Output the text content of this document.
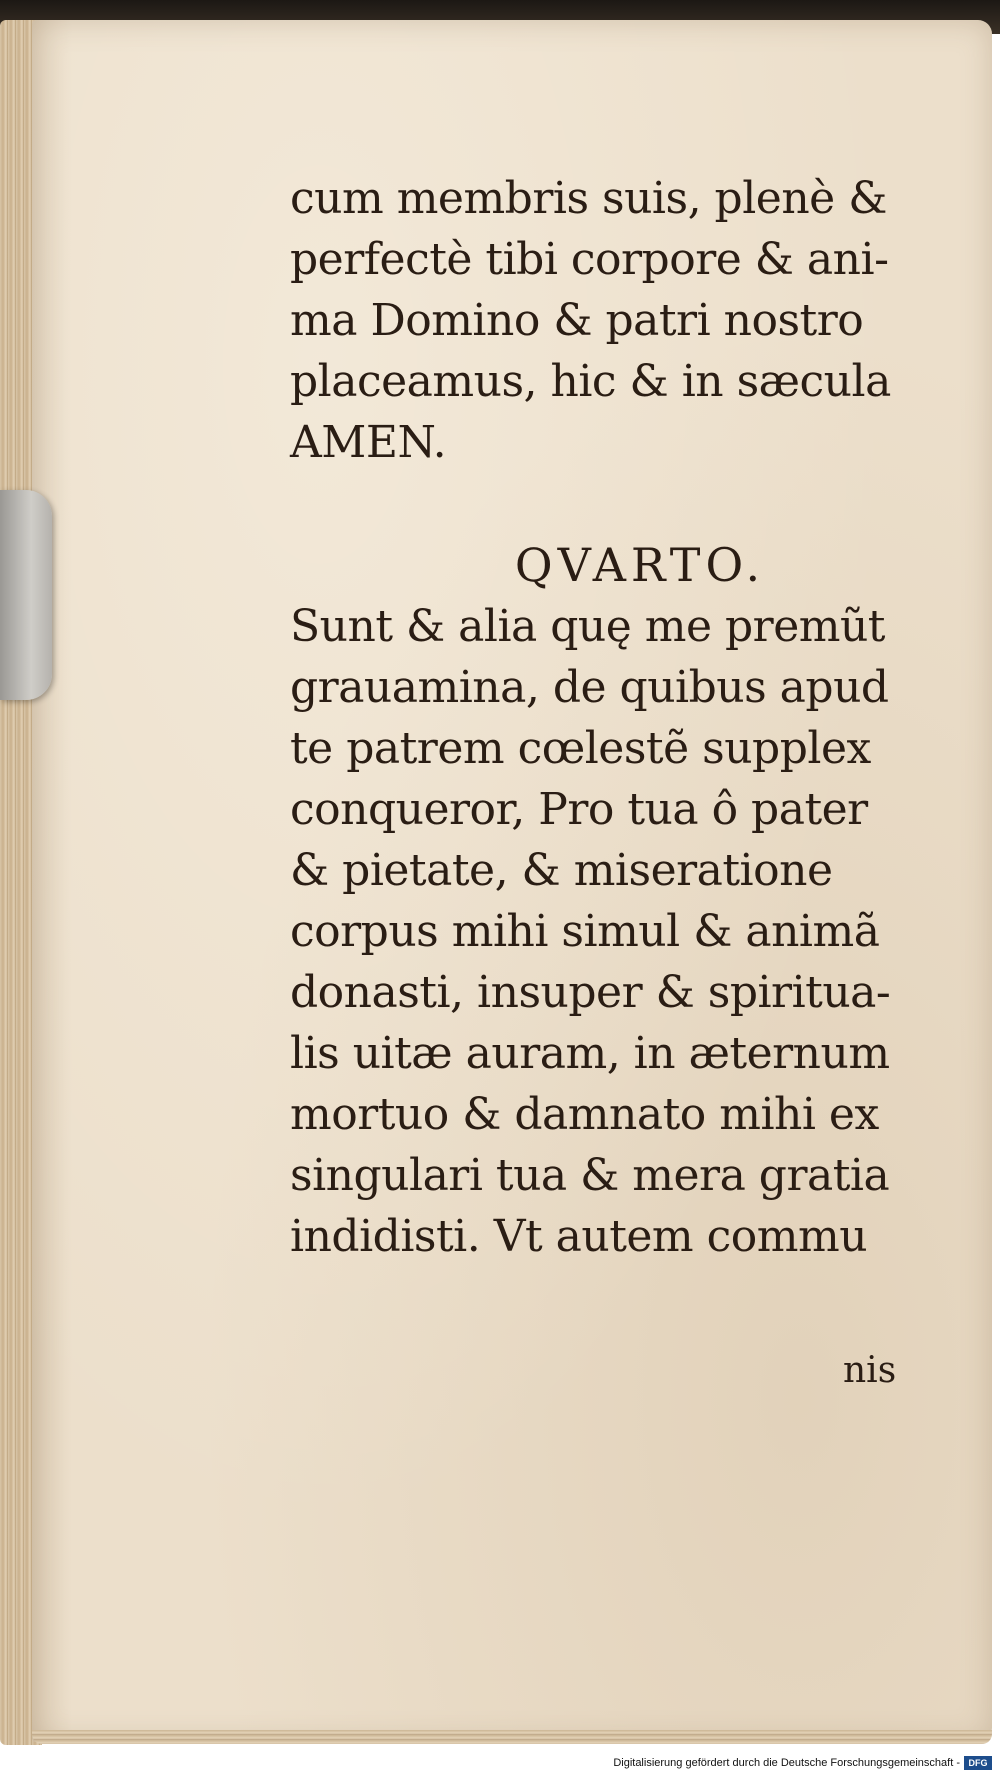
cum membris suis, plenè &
perfectè tibi corpore & ani-
ma Domino & patri nostro
placeamus, hic & in sæcula
AMEN.
QVARTO.
Sunt & alia quę me premũt
grauamina, de quibus apud
te patrem cœlestẽ supplex
conqueror, Pro tua ô pater
& pietate, & miseratione
corpus mihi simul & animã
donasti, insuper & spiritua-
lis uitæ auram, in æternum
mortuo & damnato mihi ex
singulari tua & mera gratia
indidisti. Vt autem commu
nis
Digitalisierung gefördert durch die Deutsche Forschungsgemeinschaft - DFG
